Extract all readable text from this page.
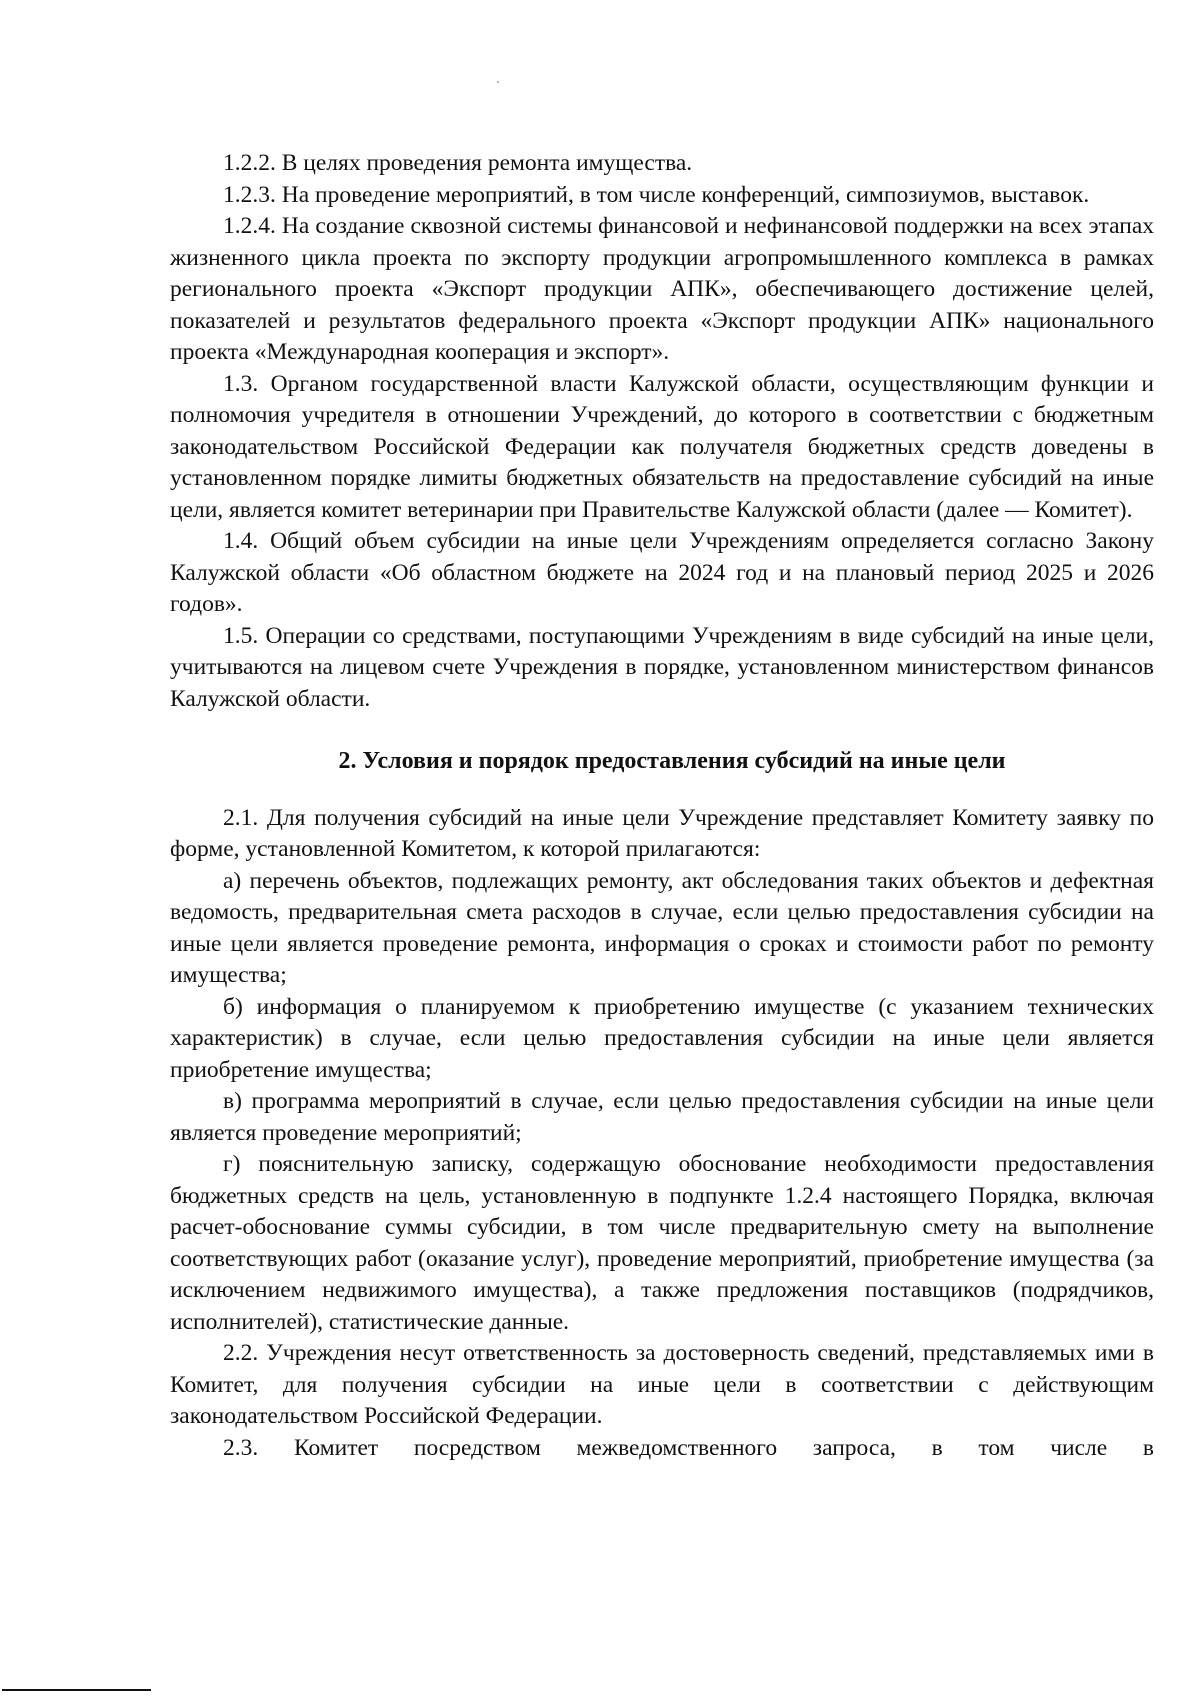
1.2.2. В целях проведения ремонта имущества.

1.2.3. На проведение мероприятий, в том числе конференций, симпозиумов, выставок.

1.2.4. На создание сквозной системы финансовой и нефинансовой поддержки на всех этапах жизненного цикла проекта по экспорту продукции агропромышленного комплекса в рамках регионального проекта «Экспорт продукции АПК», обеспечивающего достижение целей, показателей и результатов федерального проекта «Экспорт продукции АПК» национального проекта «Международная кооперация и экспорт».

1.3. Органом государственной власти Калужской области, осуществляющим функции и полномочия учредителя в отношении Учреждений, до которого в соответствии с бюджетным законодательством Российской Федерации как получателя бюджетных средств доведены в установленном порядке лимиты бюджетных обязательств на предоставление субсидий на иные цели, является комитет ветеринарии при Правительстве Калужской области (далее — Комитет).

1.4. Общий объем субсидии на иные цели Учреждениям определяется согласно Закону Калужской области «Об областном бюджете на 2024 год и на плановый период 2025 и 2026 годов».

1.5. Операции со средствами, поступающими Учреждениям в виде субсидий на иные цели, учитываются на лицевом счете Учреждения в порядке, установленном министерством финансов Калужской области.

2. Условия и порядок предоставления субсидий на иные цели

2.1. Для получения субсидий на иные цели Учреждение представляет Комитету заявку по форме, установленной Комитетом, к которой прилагаются:

а) перечень объектов, подлежащих ремонту, акт обследования таких объектов и дефектная ведомость, предварительная смета расходов в случае, если целью предоставления субсидии на иные цели является проведение ремонта, информация о сроках и стоимости работ по ремонту имущества;

б) информация о планируемом к приобретению имуществе (с указанием технических характеристик) в случае, если целью предоставления субсидии на иные цели является приобретение имущества;

в) программа мероприятий в случае, если целью предоставления субсидии на иные цели является проведение мероприятий;

г) пояснительную записку, содержащую обоснование необходимости предоставления бюджетных средств на цель, установленную в подпункте 1.2.4 настоящего Порядка, включая расчет-обоснование суммы субсидии, в том числе предварительную смету на выполнение соответствующих работ (оказание услуг), проведение мероприятий, приобретение имущества (за исключением недвижимого имущества), а также предложения поставщиков (подрядчиков, исполнителей), статистические данные.

2.2. Учреждения несут ответственность за достоверность сведений, представляемых ими в Комитет, для получения субсидии на иные цели в соответствии с действующим законодательством Российской Федерации.

2.3. Комитет посредством межведомственного запроса, в том числе в
